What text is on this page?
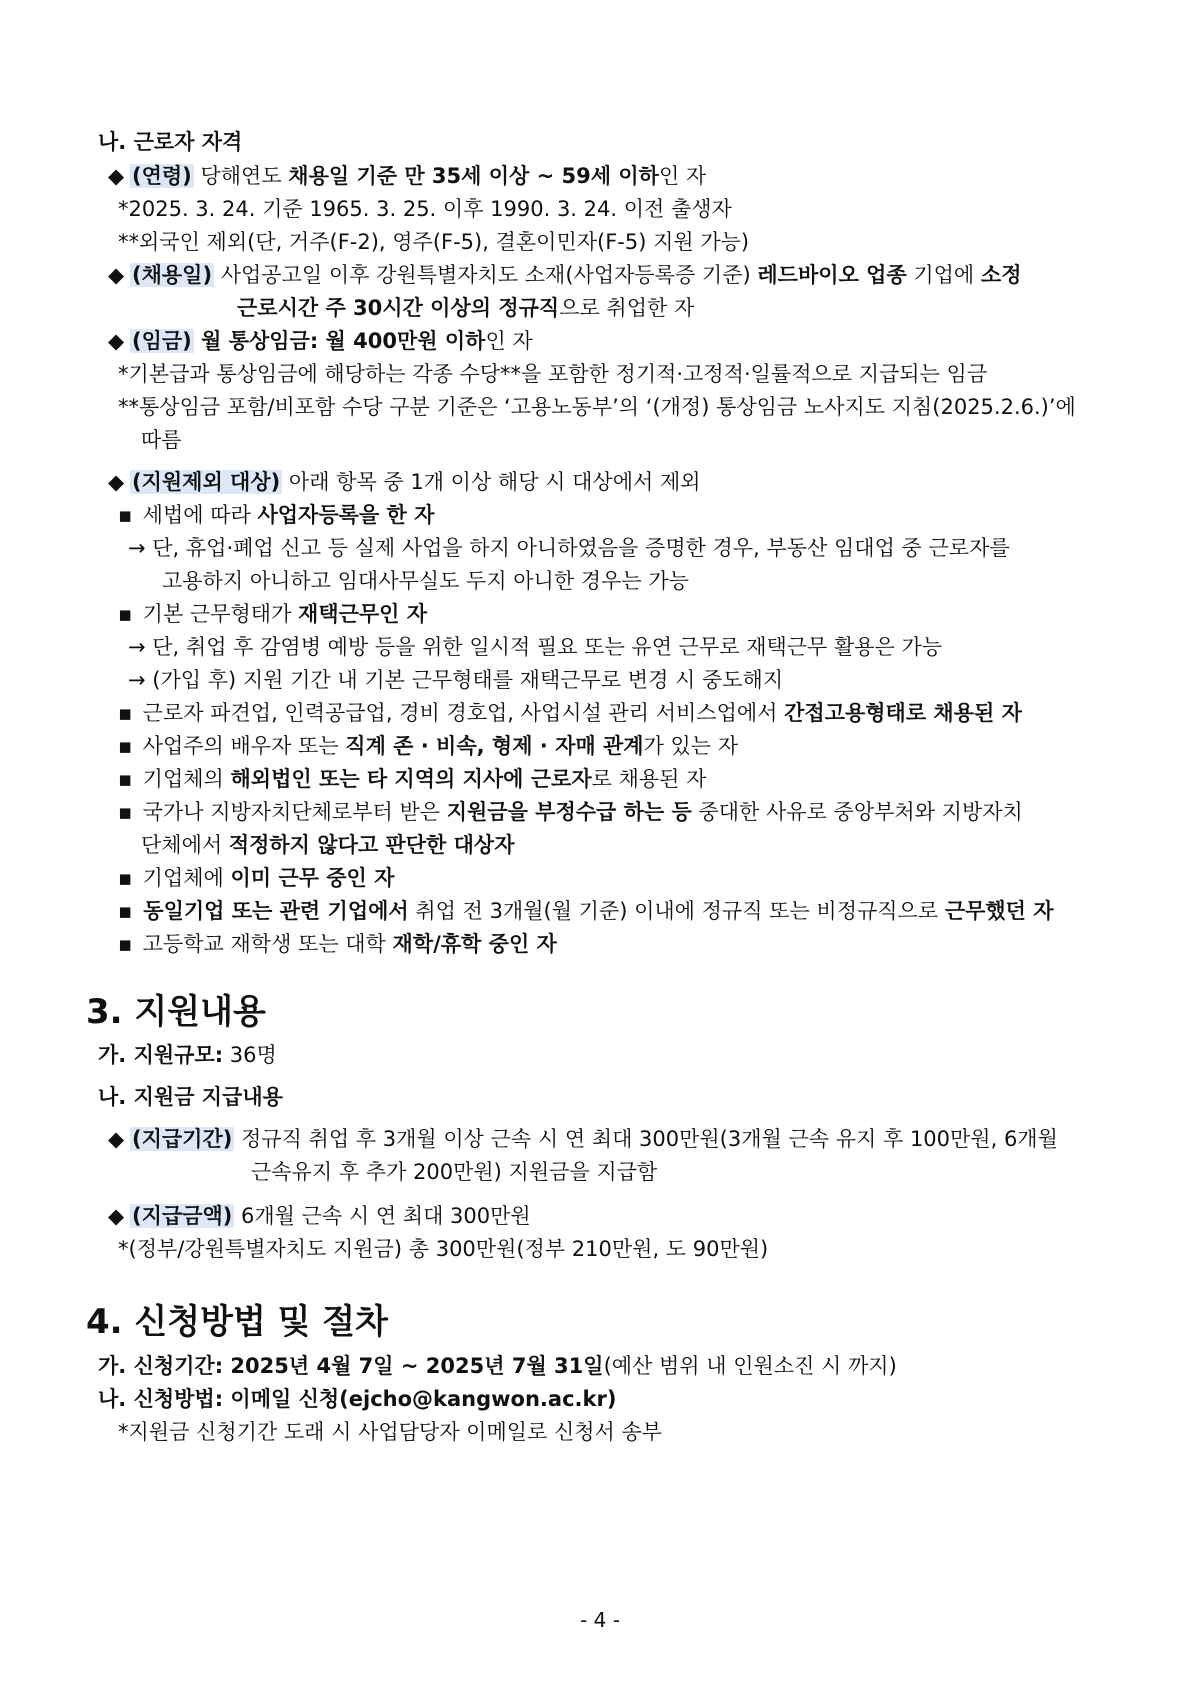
나. 근로자 자격
◆ (연령) 당해연도 채용일 기준 만 35세 이상 ~ 59세 이하인 자
*2025. 3. 24. 기준 1965. 3. 25. 이후 1990. 3. 24. 이전 출생자
**외국인 제외(단, 거주(F-2), 영주(F-5), 결혼이민자(F-5) 지원 가능)
◆ (채용일) 사업공고일 이후 강원특별자치도 소재(사업자등록증 기준) 레드바이오 업종 기업에 소정
근로시간 주 30시간 이상의 정규직으로 취업한 자
◆ (임금) 월 통상임금: 월 400만원 이하인 자
*기본급과 통상임금에 해당하는 각종 수당**을 포함한 정기적·고정적·일률적으로 지급되는 임금
**통상임금 포함/비포함 수당 구분 기준은 ‘고용노동부’의 ‘(개정) 통상임금 노사지도 지침(2025.2.6.)’에
따름
◆ (지원제외 대상) 아래 항목 중 1개 이상 해당 시 대상에서 제외
▪ 세법에 따라 사업자등록을 한 자
→ 단, 휴업·폐업 신고 등 실제 사업을 하지 아니하였음을 증명한 경우, 부동산 임대업 중 근로자를
고용하지 아니하고 임대사무실도 두지 아니한 경우는 가능
▪ 기본 근무형태가 재택근무인 자
→ 단, 취업 후 감염병 예방 등을 위한 일시적 필요 또는 유연 근무로 재택근무 활용은 가능
→ (가입 후) 지원 기간 내 기본 근무형태를 재택근무로 변경 시 중도해지
▪ 근로자 파견업, 인력공급업, 경비 경호업, 사업시설 관리 서비스업에서 간접고용형태로 채용된 자
▪ 사업주의 배우자 또는 직계 존 · 비속, 형제 · 자매 관계가 있는 자
▪ 기업체의 해외법인 또는 타 지역의 지사에 근로자로 채용된 자
▪ 국가나 지방자치단체로부터 받은 지원금을 부정수급 하는 등 중대한 사유로 중앙부처와 지방자치
단체에서 적정하지 않다고 판단한 대상자
▪ 기업체에 이미 근무 중인 자
▪ 동일기업 또는 관련 기업에서 취업 전 3개월(월 기준) 이내에 정규직 또는 비정규직으로 근무했던 자
▪ 고등학교 재학생 또는 대학 재학/휴학 중인 자
3. 지원내용
가. 지원규모: 36명
나. 지원금 지급내용
◆ (지급기간) 정규직 취업 후 3개월 이상 근속 시 연 최대 300만원(3개월 근속 유지 후 100만원, 6개월
근속유지 후 추가 200만원) 지원금을 지급함
◆ (지급금액) 6개월 근속 시 연 최대 300만원
*(정부/강원특별자치도 지원금) 총 300만원(정부 210만원, 도 90만원)
4. 신청방법 및 절차
가. 신청기간: 2025년 4월 7일 ~ 2025년 7월 31일(예산 범위 내 인원소진 시 까지)
나. 신청방법: 이메일 신청(ejcho@kangwon.ac.kr)
*지원금 신청기간 도래 시 사업담당자 이메일로 신청서 송부
- 4 -
